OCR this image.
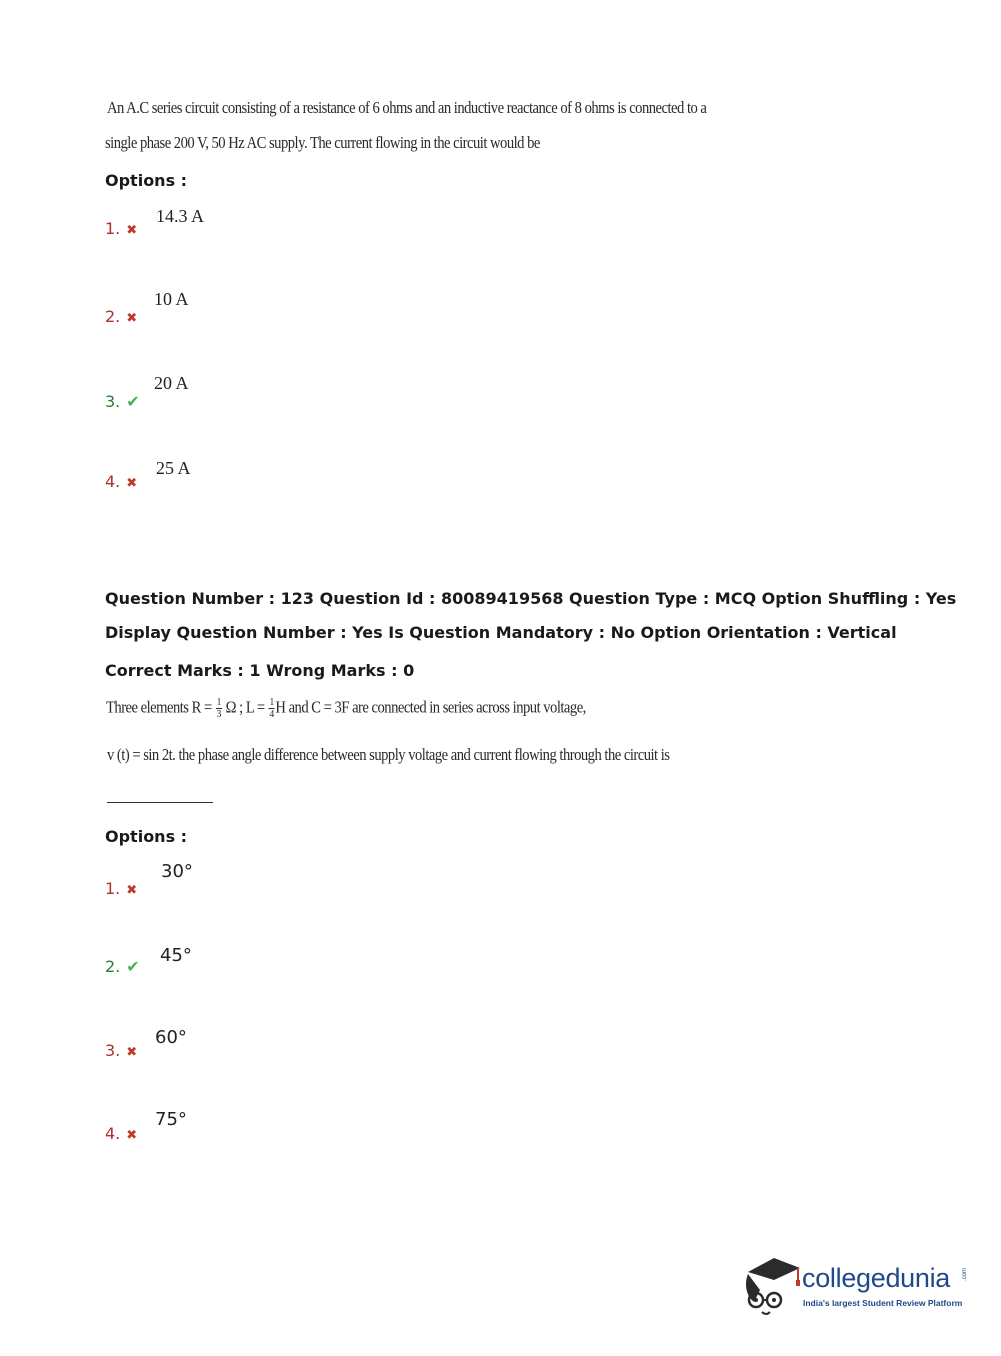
An A.C series circuit consisting of a resistance of 6 ohms and an inductive reactance of 8 ohms is connected to a
single phase 200 V, 50 Hz AC supply. The current flowing in the circuit would be
Options :
1. ✖
14.3 A
2. ✖
10 A
3. ✔
20 A
4. ✖
25 A
Question Number : 123 Question Id : 80089419568 Question Type : MCQ Option Shuffling : Yes
Display Question Number : Yes Is Question Mandatory : No Option Orientation : Vertical
Correct Marks : 1 Wrong Marks : 0
Three elements $R = \frac{1}{3}$ Ω ; $L = \frac{1}{4}$ H and C = 3F are connected in series across input voltage,
v (t) = sin 2t. the phase angle difference between supply voltage and current flowing through the circuit is
Options :
1. ✖
30°
2. ✔
45°
3. ✖
60°
4. ✖
75°
collegedunia .com
India's largest Student Review Platform
